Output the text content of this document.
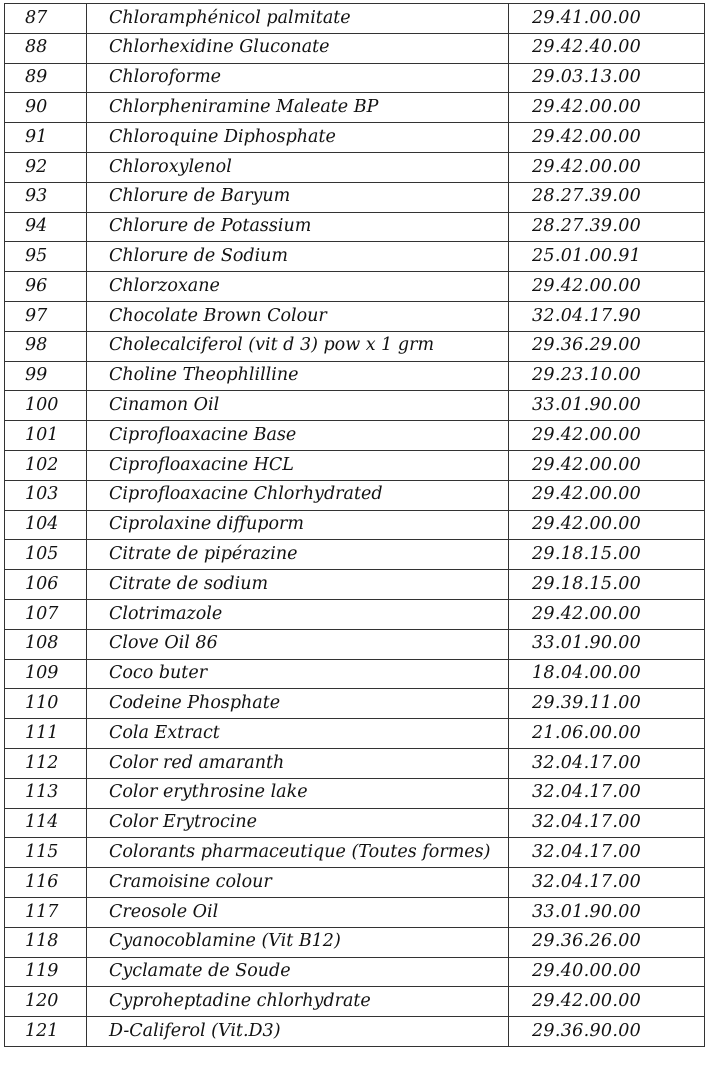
87	Chloramphénicol palmitate	29.41.00.00
88	Chlorhexidine Gluconate	29.42.40.00
89	Chloroforme	29.03.13.00
90	Chlorpheniramine Maleate BP	29.42.00.00
91	Chloroquine Diphosphate	29.42.00.00
92	Chloroxylenol	29.42.00.00
93	Chlorure de Baryum	28.27.39.00
94	Chlorure de Potassium	28.27.39.00
95	Chlorure de Sodium	25.01.00.91
96	Chlorzoxane	29.42.00.00
97	Chocolate Brown Colour	32.04.17.90
98	Cholecalciferol (vit d 3) pow x 1 grm	29.36.29.00
99	Choline Theophlilline	29.23.10.00
100	Cinamon Oil	33.01.90.00
101	Ciprofloaxacine Base	29.42.00.00
102	Ciprofloaxacine HCL	29.42.00.00
103	Ciprofloaxacine Chlorhydrated	29.42.00.00
104	Ciprolaxine diffuporm	29.42.00.00
105	Citrate de pipérazine	29.18.15.00
106	Citrate de sodium	29.18.15.00
107	Clotrimazole	29.42.00.00
108	Clove Oil 86	33.01.90.00
109	Coco buter	18.04.00.00
110	Codeine Phosphate	29.39.11.00
111	Cola Extract	21.06.00.00
112	Color red amaranth	32.04.17.00
113	Color erythrosine lake	32.04.17.00
114	Color Erytrocine	32.04.17.00
115	Colorants pharmaceutique (Toutes formes)	32.04.17.00
116	Cramoisine colour	32.04.17.00
117	Creosole Oil	33.01.90.00
118	Cyanocoblamine (Vit B12)	29.36.26.00
119	Cyclamate de Soude	29.40.00.00
120	Cyproheptadine chlorhydrate	29.42.00.00
121	D-Califerol (Vit.D3)	29.36.90.00
